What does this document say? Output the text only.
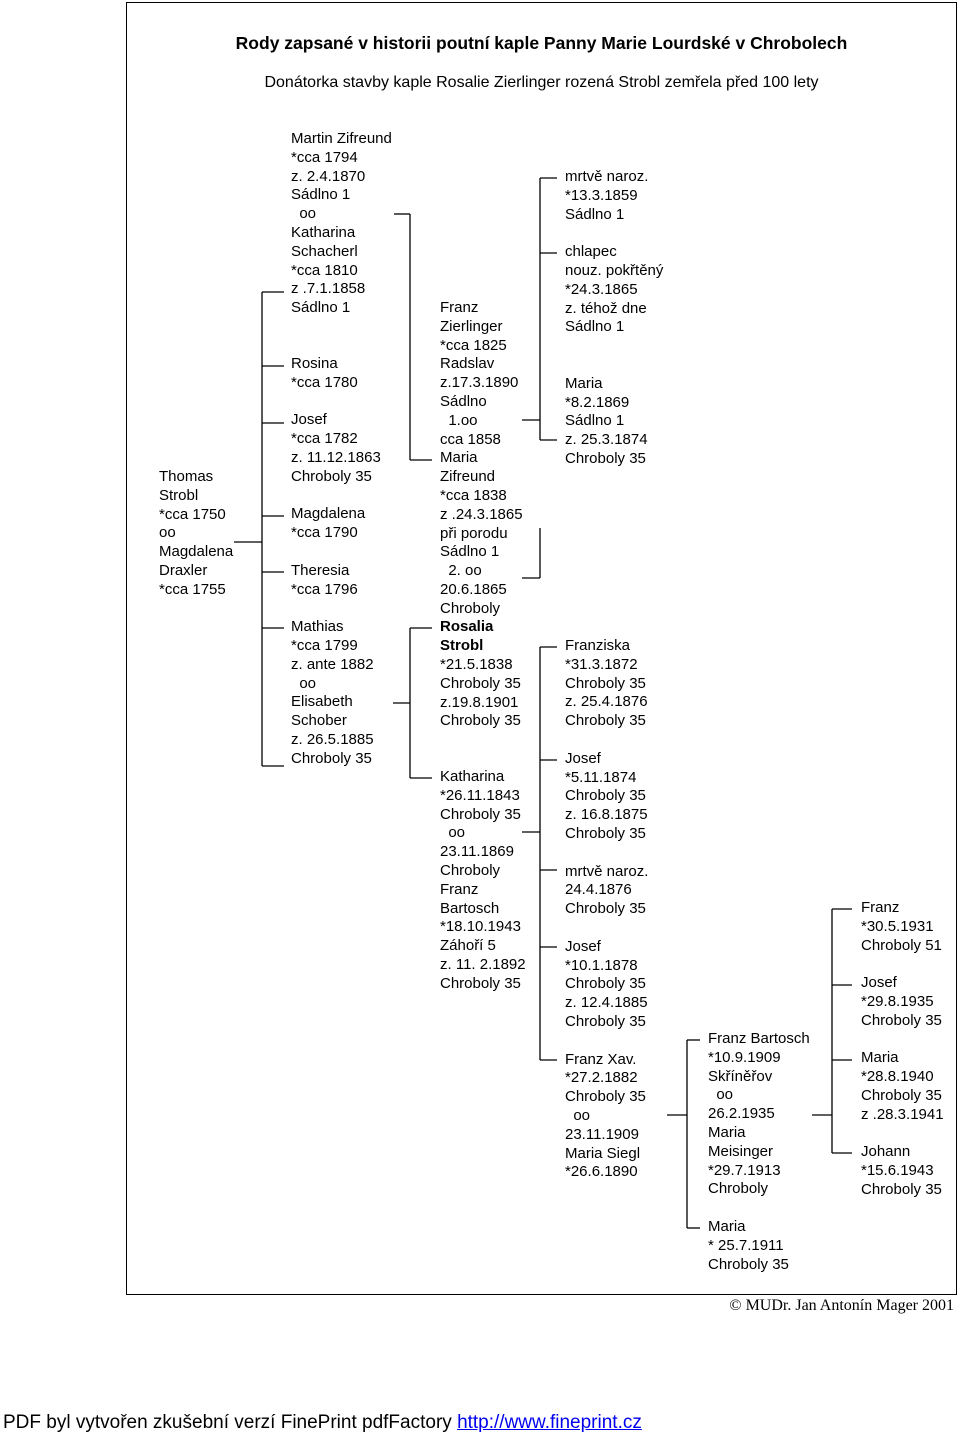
Rody zapsané v historii poutní kaple Panny Marie Lourdské v Chrobolech
Donátorka stavby kaple Rosalie Zierlinger rozená Strobl zemřela před 100 lety
Thomas
Strobl
*cca 1750
oo
Magdalena
Draxler
*cca 1755
Martin Zifreund
*cca 1794
z. 2.4.1870
Sádlno 1
oo
Katharina
Schacherl
*cca 1810
z .7.1.1858
Sádlno 1
Rosina
*cca 1780

Josef
*cca 1782
z. 11.12.1863
Chroboly 35

Magdalena
*cca 1790

Theresia
*cca 1796

Mathias
*cca 1799
z. ante 1882
oo
Elisabeth
Schober
z. 26.5.1885
Chroboly 35
Franz
Zierlinger
*cca 1825
Radslav
z.17.3.1890
Sádlno
1.oo
cca 1858
Maria
Zifreund
*cca 1838
z .24.3.1865
při porodu
Sádlno 1
2. oo
20.6.1865
Chroboly
Rosalia
Strobl
*21.5.1838
Chroboly 35
z.19.8.1901
Chroboly 35
Katharina
*26.11.1843
Chroboly 35
oo
23.11.1869
Chroboly
Franz
Bartosch
*18.10.1943
Záhoří 5
z. 11. 2.1892
Chroboly 35
mrtvě naroz.
*13.3.1859
Sádlno 1

chlapec
nouz. pokřtěný
*24.3.1865
z. téhož dne
Sádlno 1

Maria
*8.2.1869
Sádlno 1
z. 25.3.1874
Chroboly 35
Franziska
*31.3.1872
Chroboly 35
z. 25.4.1876
Chroboly 35

Josef
*5.11.1874
Chroboly 35
z. 16.8.1875
Chroboly 35

mrtvě naroz.
24.4.1876
Chroboly 35

Josef
*10.1.1878
Chroboly 35
z. 12.4.1885
Chroboly 35

Franz Xav.
*27.2.1882
Chroboly 35
oo
23.11.1909
Maria Siegl
*26.6.1890
Franz Bartosch
*10.9.1909
Skříněřov
oo
26.2.1935
Maria
Meisinger
*29.7.1913
Chroboly
Maria
* 25.7.1911
Chroboly 35
Franz
*30.5.1931
Chroboly 51

Josef
*29.8.1935
Chroboly 35

Maria
*28.8.1940
Chroboly 35
z .28.3.1941

Johann
*15.6.1943
Chroboly 35
© MUDr. Jan Antonín Mager 2001
PDF byl vytvořen zkušební verzí FinePrint pdfFactory http://www.fineprint.cz
